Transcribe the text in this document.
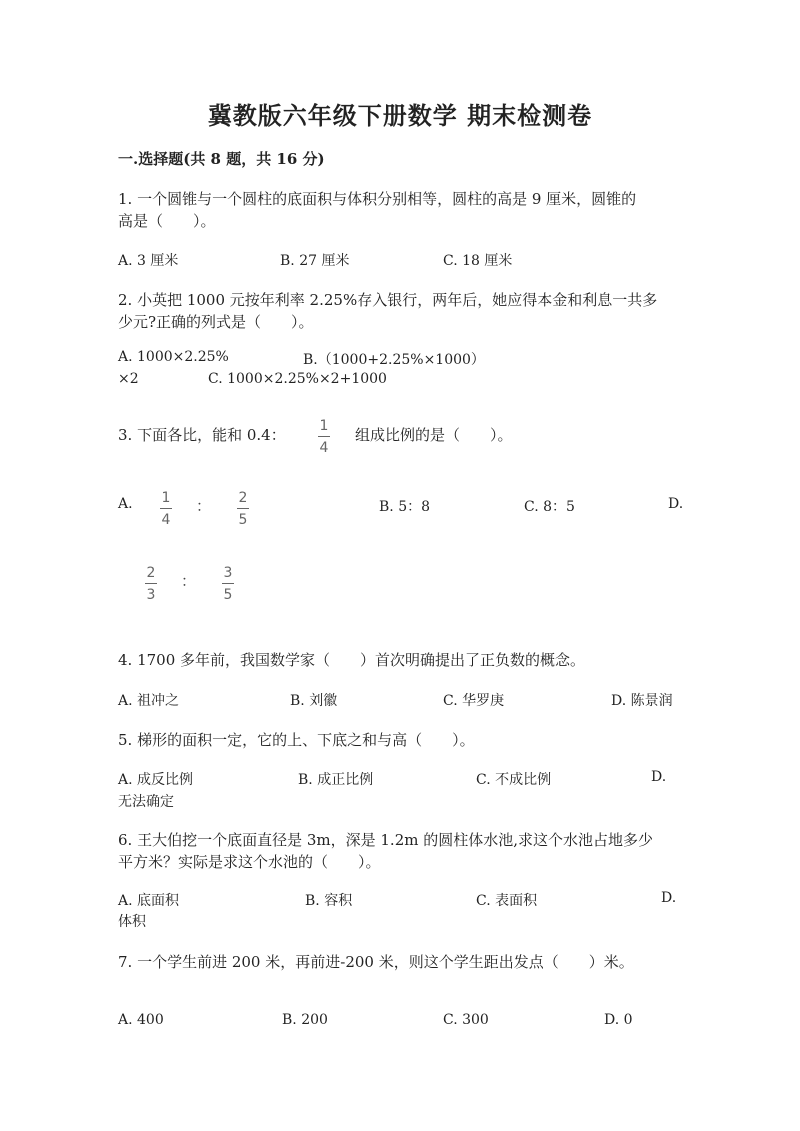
冀教版六年级下册数学 期末检测卷
一.选择题(共 8 题，共 16 分)
1. 一个圆锥与一个圆柱的底面积与体积分别相等，圆柱的高是 9 厘米，圆锥的
高是（　　）。
A. 3 厘米	B. 27 厘米	C. 18 厘米
2. 小英把 1000 元按年利率 2.25%存入银行，两年后，她应得本金和利息一共多
少元?正确的列式是（　　）。
A. 1000×2.25%	B.（1000+2.25%×1000）
×2	C. 1000×2.25%×2+1000
3. 下面各比，能和 0.4： 1
4
组成比例的是（　　）。
A. 1
4
： 2
5
B. 5：8	C. 8：5	D.
2
3
： 3
5
4. 1700 多年前，我国数学家（　　）首次明确提出了正负数的概念。
A. 祖冲之	B. 刘徽	C. 华罗庚	D. 陈景润
5. 梯形的面积一定，它的上、下底之和与高（　　）。
A. 成反比例	B. 成正比例	C. 不成比例	D.
无法确定
6. 王大伯挖一个底面直径是 3m，深是 1.2m 的圆柱体水池,求这个水池占地多少
平方米？实际是求这个水池的（　　）。
A. 底面积	B. 容积	C. 表面积	D.
体积
7. 一个学生前进 200 米，再前进-200 米，则这个学生距出发点（　　）米。
A. 400	B. 200	C. 300	D. 0
